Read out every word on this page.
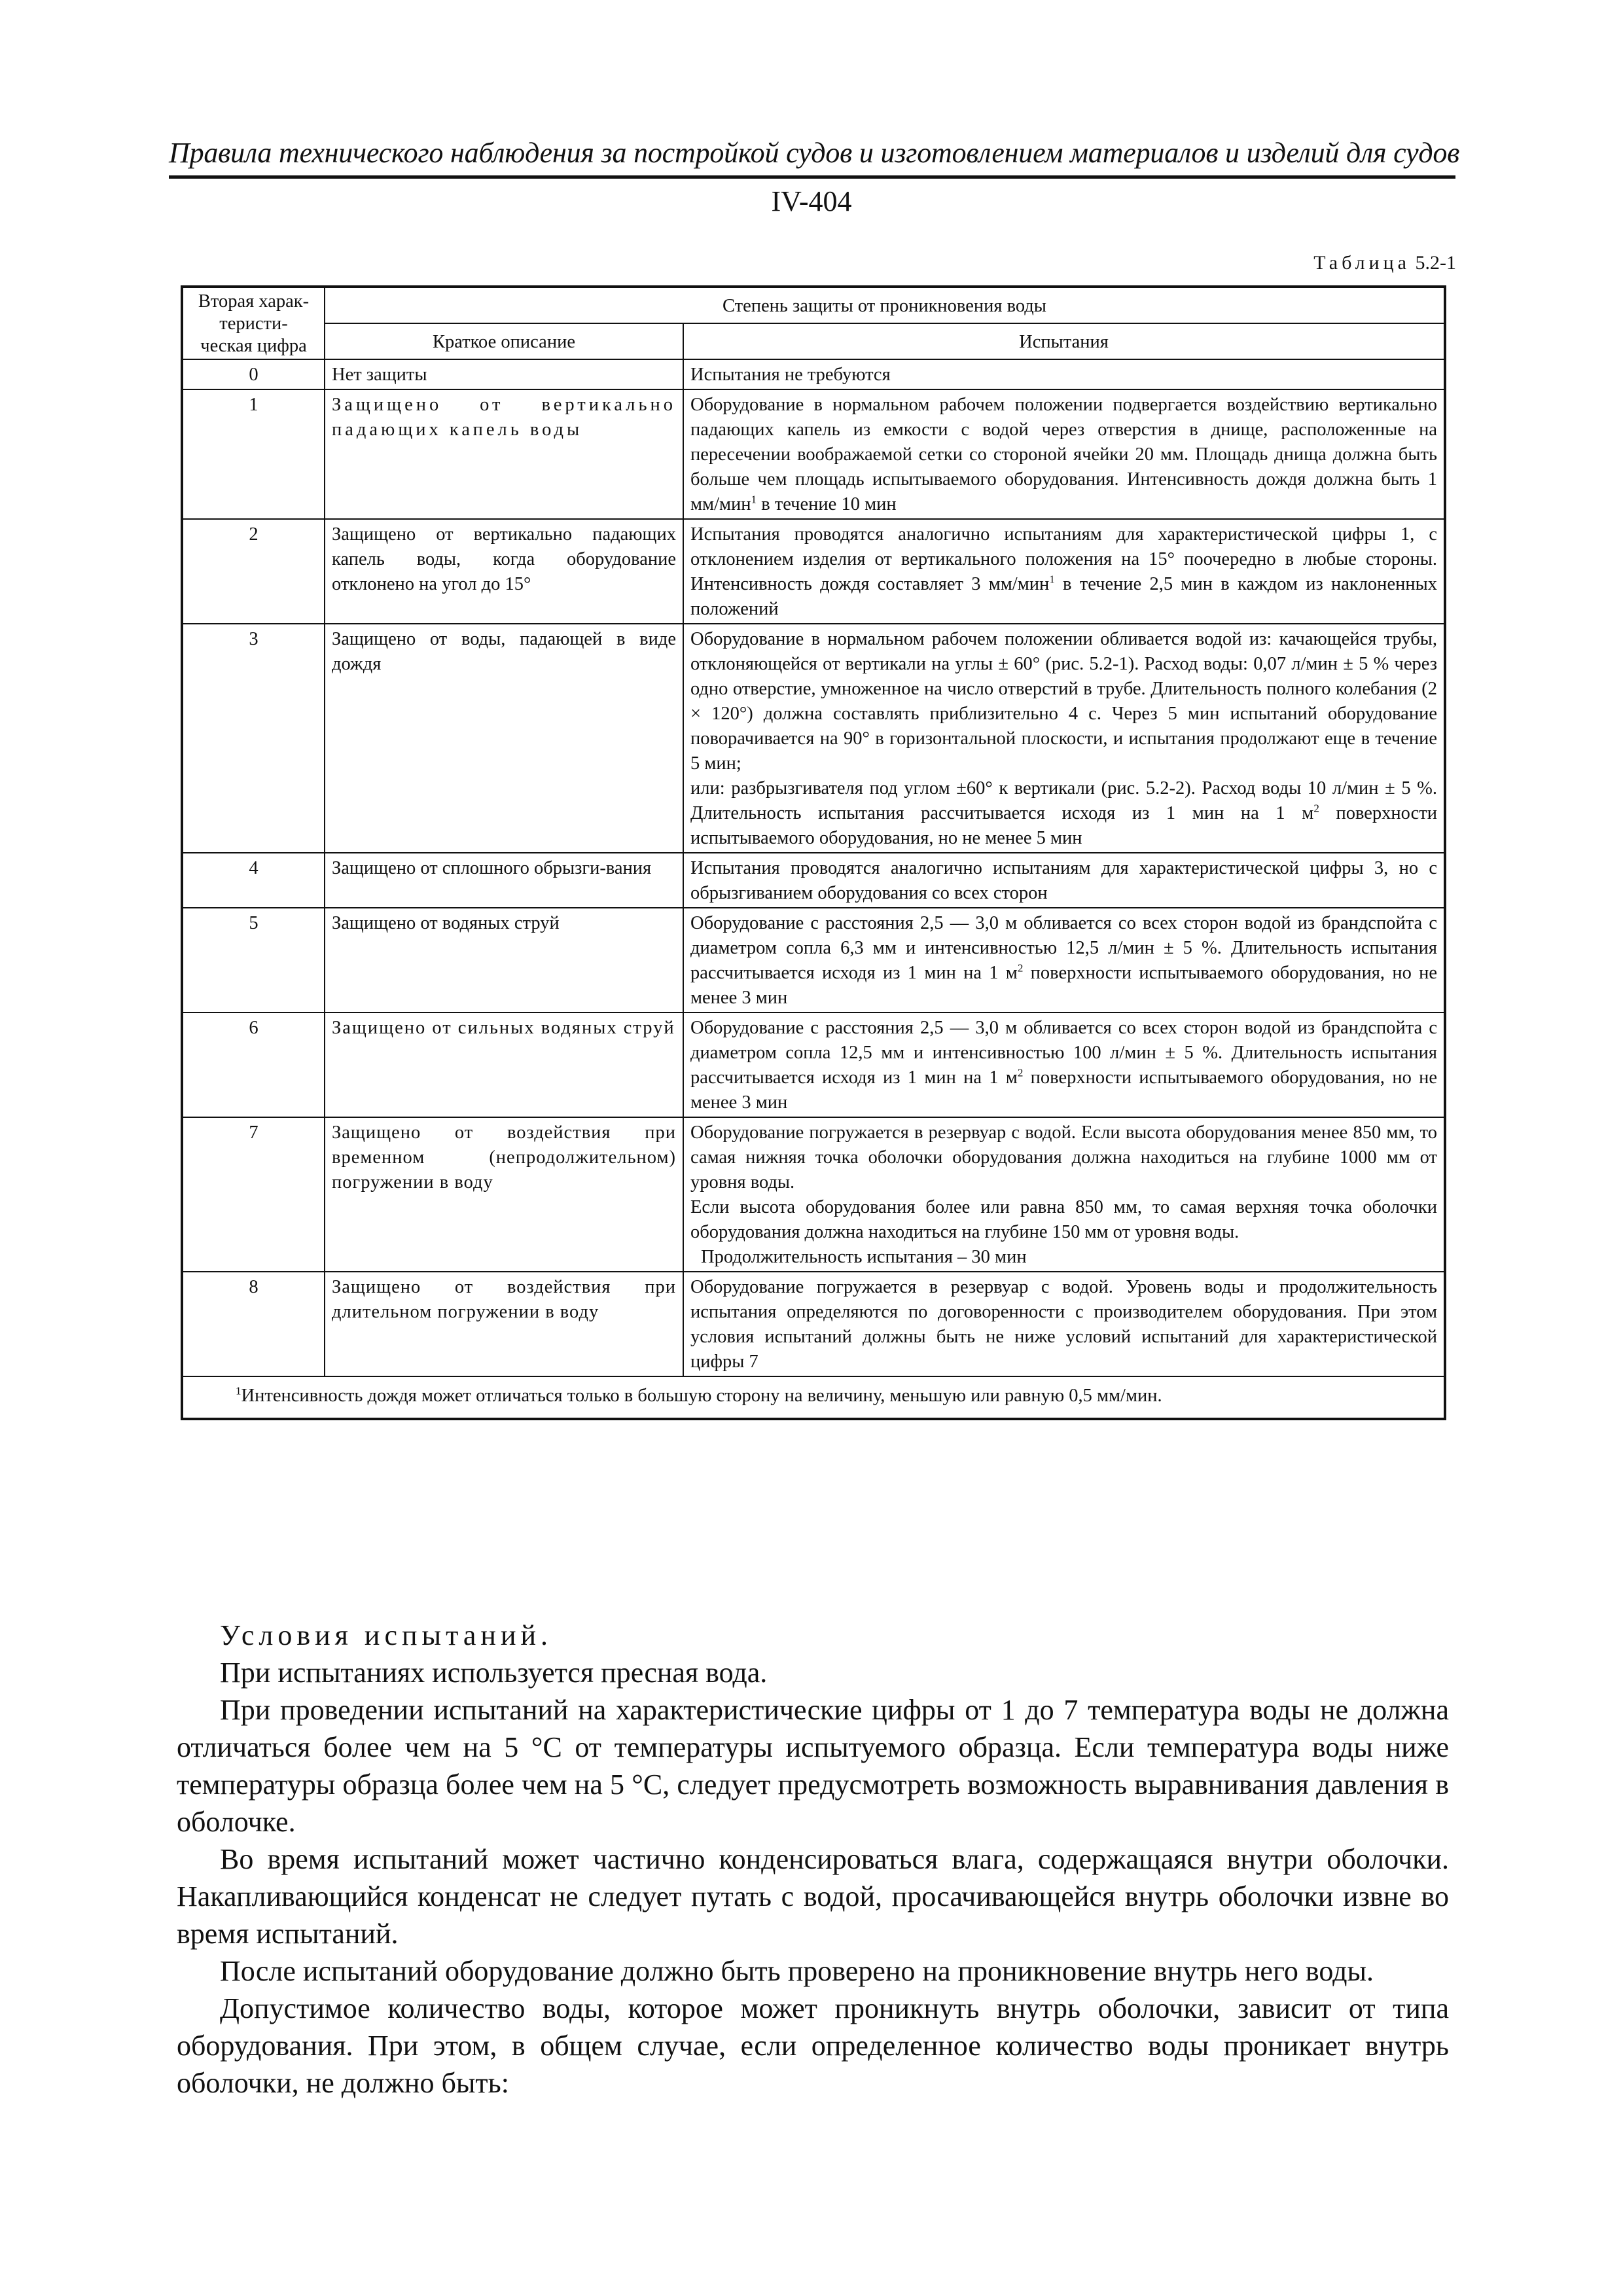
Правила технического наблюдения за постройкой судов и изготовлением материалов и изделий для судов
IV-404
Таблица 5.2-1
Вторая харак-
теристи-
ческая цифра	Степень защиты от проникновения воды	
	Краткое описание	Испытания
0	Нет защиты	Испытания не требуются
1	Защищено от вертикально падающих капель воды	Оборудование в нормальном рабочем положении подвергается воздействию вертикально падающих капель из емкости с водой через отверстия в днище, расположенные на пересечении воображаемой сетки со стороной ячейки 20 мм. Площадь днища должна быть больше чем площадь испытываемого оборудования. Интенсивность дождя должна быть 1 мм/мин$^1$ в течение 10 мин
2	Защищено от вертикально падающих капель воды, когда оборудование отклонено на угол до 15°	Испытания проводятся аналогично испытаниям для характеристической цифры 1, с отклонением изделия от вертикального положения на 15° поочередно в любые стороны. Интенсивность дождя составляет 3 мм/мин$^1$ в течение 2,5 мин в каждом из наклоненных положений
3	Защищено от воды, падающей в виде дождя	Оборудование в нормальном рабочем положении обливается водой из: качающейся трубы, отклоняющейся от вертикали на углы ± 60° (рис. 5.2-1). Расход воды: 0,07 л/мин ± 5 % через одно отверстие, умноженное на число отверстий в трубе. Длительность полного колебания (2 × 120°) должна составлять приблизительно 4 с. Через 5 мин испытаний оборудование поворачивается на 90° в горизонтальной плоскости, и испытания продолжают еще в течение 5 мин;
или: разбрызгивателя под углом ±60° к вертикали (рис. 5.2-2). Расход воды 10 л/мин ± 5 %. Длительность испытания рассчитывается исходя из 1 мин на 1 $м^2$ поверхности испытываемого оборудования, но не менее 5 мин

4	Защищено от сплошного обрызги-вания	Испытания проводятся аналогично испытаниям для характеристической цифры 3, но с обрызгиванием оборудования со всех сторон
5	Защищено от водяных струй	Оборудование с расстояния 2,5 — 3,0 м обливается со всех сторон водой из брандспойта с диаметром сопла 6,3 мм и интенсивностью 12,5 л/мин ± 5 %. Длительность испытания рассчитывается исходя из 1 мин на 1 $м^2$ поверхности испытываемого оборудования, но не менее 3 мин
6	Защищено от сильных водяных струй	Оборудование с расстояния 2,5 — 3,0 м обливается со всех сторон водой из брандспойта с диаметром сопла 12,5 мм и интенсивностью 100 л/мин ± 5 %. Длительность испытания рассчитывается исходя из 1 мин на 1 $м^2$ поверхности испытываемого оборудования, но не менее 3 мин
7	Защищено от воздействия при временном (непродолжительном) погружении в воду	Оборудование погружается в резервуар с водой. Если высота оборудования менее 850 мм, то самая нижняя точка оболочки оборудования должна находиться на глубине 1000 мм от уровня воды.
Если высота оборудования более или равна 850 мм, то самая верхняя точка оболочки оборудования должна находиться на глубине 150 мм от уровня воды.
Продолжительность испытания – 30 мин

8	Защищено от воздействия при длительном погружении в воду	Оборудование погружается в резервуар с водой. Уровень воды и продолжительность испытания определяются по договоренности с производителем оборудования. При этом условия испытаний должны быть не ниже условий испытаний для характеристической цифры 7
$^1$Интенсивность дождя может отличаться только в большую сторону на величину, меньшую или равную 0,5 мм/мин.		

Условия испытаний.

При испытаниях используется пресная вода.

При проведении испытаний на характеристические цифры от 1 до 7 температура воды не должна отличаться более чем на 5 °C от температуры испытуемого образца. Если температура воды ниже температуры образца более чем на 5 °C, следует предусмотреть возможность выравнивания давления в оболочке.

Во время испытаний может частично конденсироваться влага, содержащаяся внутри оболочки. Накапливающийся конденсат не следует путать с водой, просачивающейся внутрь оболочки извне во время испытаний.

После испытаний оборудование должно быть проверено на проникновение внутрь него воды.

Допустимое количество воды, которое может проникнуть внутрь оболочки, зависит от типа оборудования. При этом, в общем случае, если определенное количество воды проникает внутрь оболочки, не должно быть:
